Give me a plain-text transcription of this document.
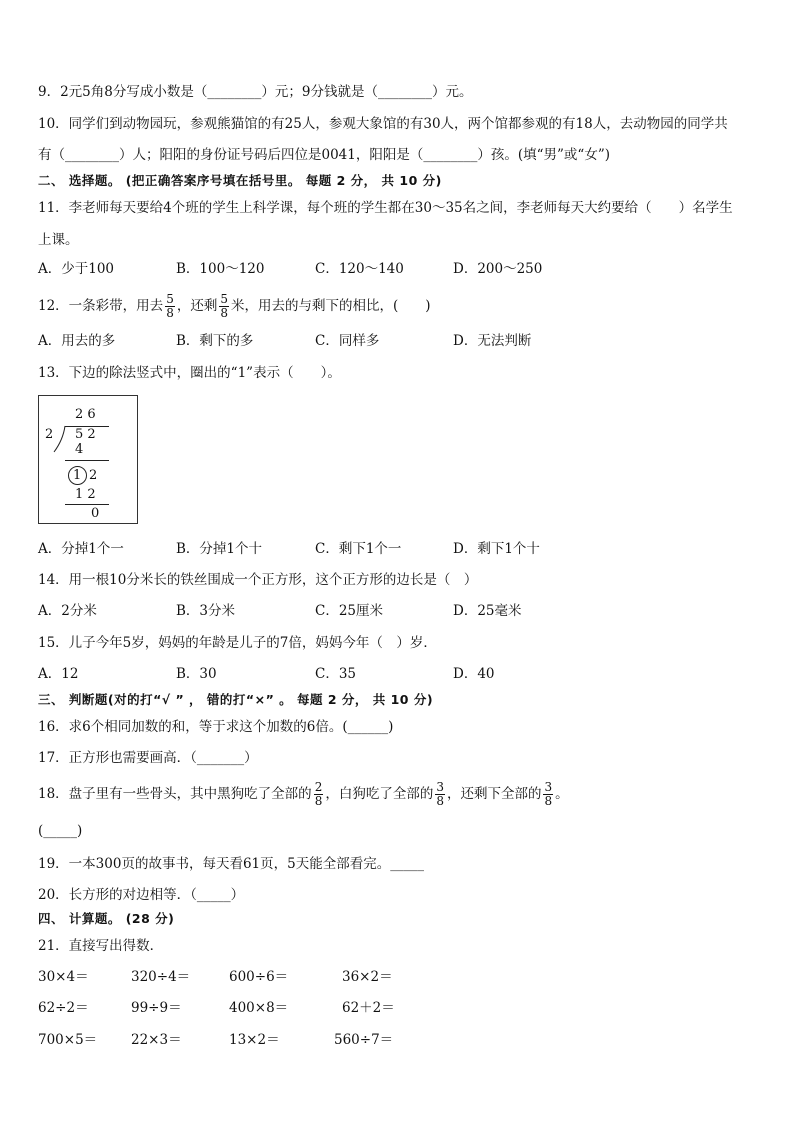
9．2元5角8分写成小数是（________）元；9分钱就是（________）元。
10．同学们到动物园玩，参观熊猫馆的有25人，参观大象馆的有30人，两个馆都参观的有18人，去动物园的同学共
有（________）人；阳阳的身份证号码后四位是0041，阳阳是（________）孩。(填“男”或“女”)
二、 选择题。 (把正确答案序号填在括号里。 每题 2 分， 共 10 分)
11．李老师每天要给4个班的学生上科学课，每个班的学生都在30～35名之间，李老师每天大约要给（　　）名学生
上课。
A．少于100	B．100～120	C．120～140	D．200～250
12．一条彩带，用去 $\frac{5}{8}$ ，还剩 $\frac{5}{8}$ 米，用去的与剩下的相比，(　　)
A．用去的多	B．剩下的多	C．同样多	D．无法判断
13．下边的除法竖式中，圈出的“1”表示（　　）。
2 6
2 5 2
4
1 2
1 2
0
A．分掉1个一	B．分掉1个十	C．剩下1个一	D．剩下1个十
14．用一根10分米长的铁丝围成一个正方形，这个正方形的边长是（　）
A．2分米	B．3分米	C．25厘米	D．25毫米
15．儿子今年5岁，妈妈的年龄是儿子的7倍，妈妈今年（　）岁．
A．12	B．30	C．35	D．40
三、 判断题(对的打“√ ” ， 错的打“×” 。 每题 2 分， 共 10 分)
16．求6个相同加数的和，等于求这个加数的6倍。(______)
17．正方形也需要画高．（_______）
18．盘子里有一些骨头，其中黑狗吃了全部的 $\frac{2}{8}$ ，白狗吃了全部的 $\frac{3}{8}$ ，还剩下全部的 $\frac{3}{8}$ 。
(_____)
19．一本300页的故事书，每天看61页，5天能全部看完。_____
20．长方形的对边相等．（_____）
四、 计算题。 (28 分)
21．直接写出得数．
30×4＝	320÷4＝	600÷6＝	36×2＝
62÷2＝	99÷9＝	400×8＝	62＋2＝
700×5＝	22×3＝	13×2＝	560÷7＝
